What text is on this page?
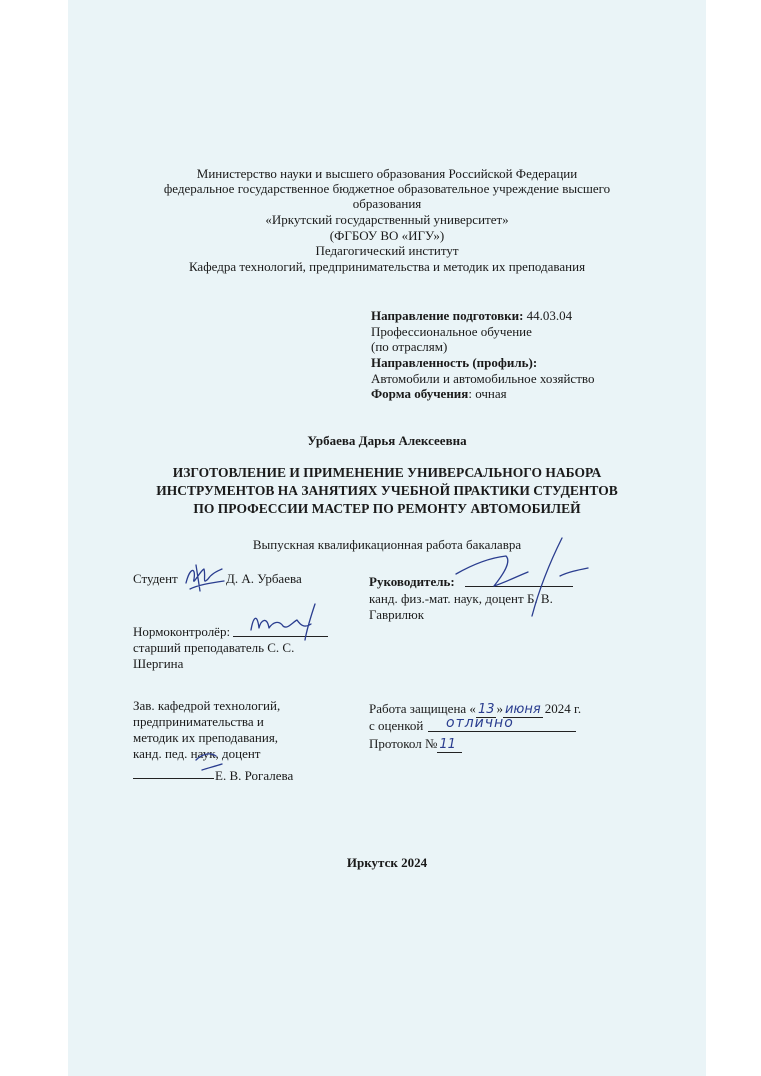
Министерство науки и высшего образования Российской Федерации
федеральное государственное бюджетное образовательное учреждение высшего
образования
«Иркутский государственный университет»
(ФГБОУ ВО «ИГУ»)
Педагогический институт
Кафедра технологий, предпринимательства и методик их преподавания
Направление подготовки: 44.03.04
Профессиональное обучение
(по отраслям)
Направленность (профиль):
Автомобили и автомобильное хозяйство
Форма обучения: очная
Урбаева Дарья Алексеевна
ИЗГОТОВЛЕНИЕ И ПРИМЕНЕНИЕ УНИВЕРСАЛЬНОГО НАБОРА
ИНСТРУМЕНТОВ НА ЗАНЯТИЯХ УЧЕБНОЙ ПРАКТИКИ СТУДЕНТОВ
ПО ПРОФЕССИИ МАСТЕР ПО РЕМОНТУ АВТОМОБИЛЕЙ
Выпускная квалификационная работа бакалавра
Студент	Д. А. Урбаева	Руководитель:
канд. физ.-мат. наук, доцент Б. В.
Гаврилюк
Нормоконтролёр:
старший преподаватель С. С.
Шергина
Зав. кафедрой технологий,
предпринимательства и
методик их преподавания,
канд. пед. наук, доцент
Е. В. Рогалева
Работа защищена « 13 » июня 2024 г.
с оценкой отлично
Протокол № 11
Иркутск 2024
